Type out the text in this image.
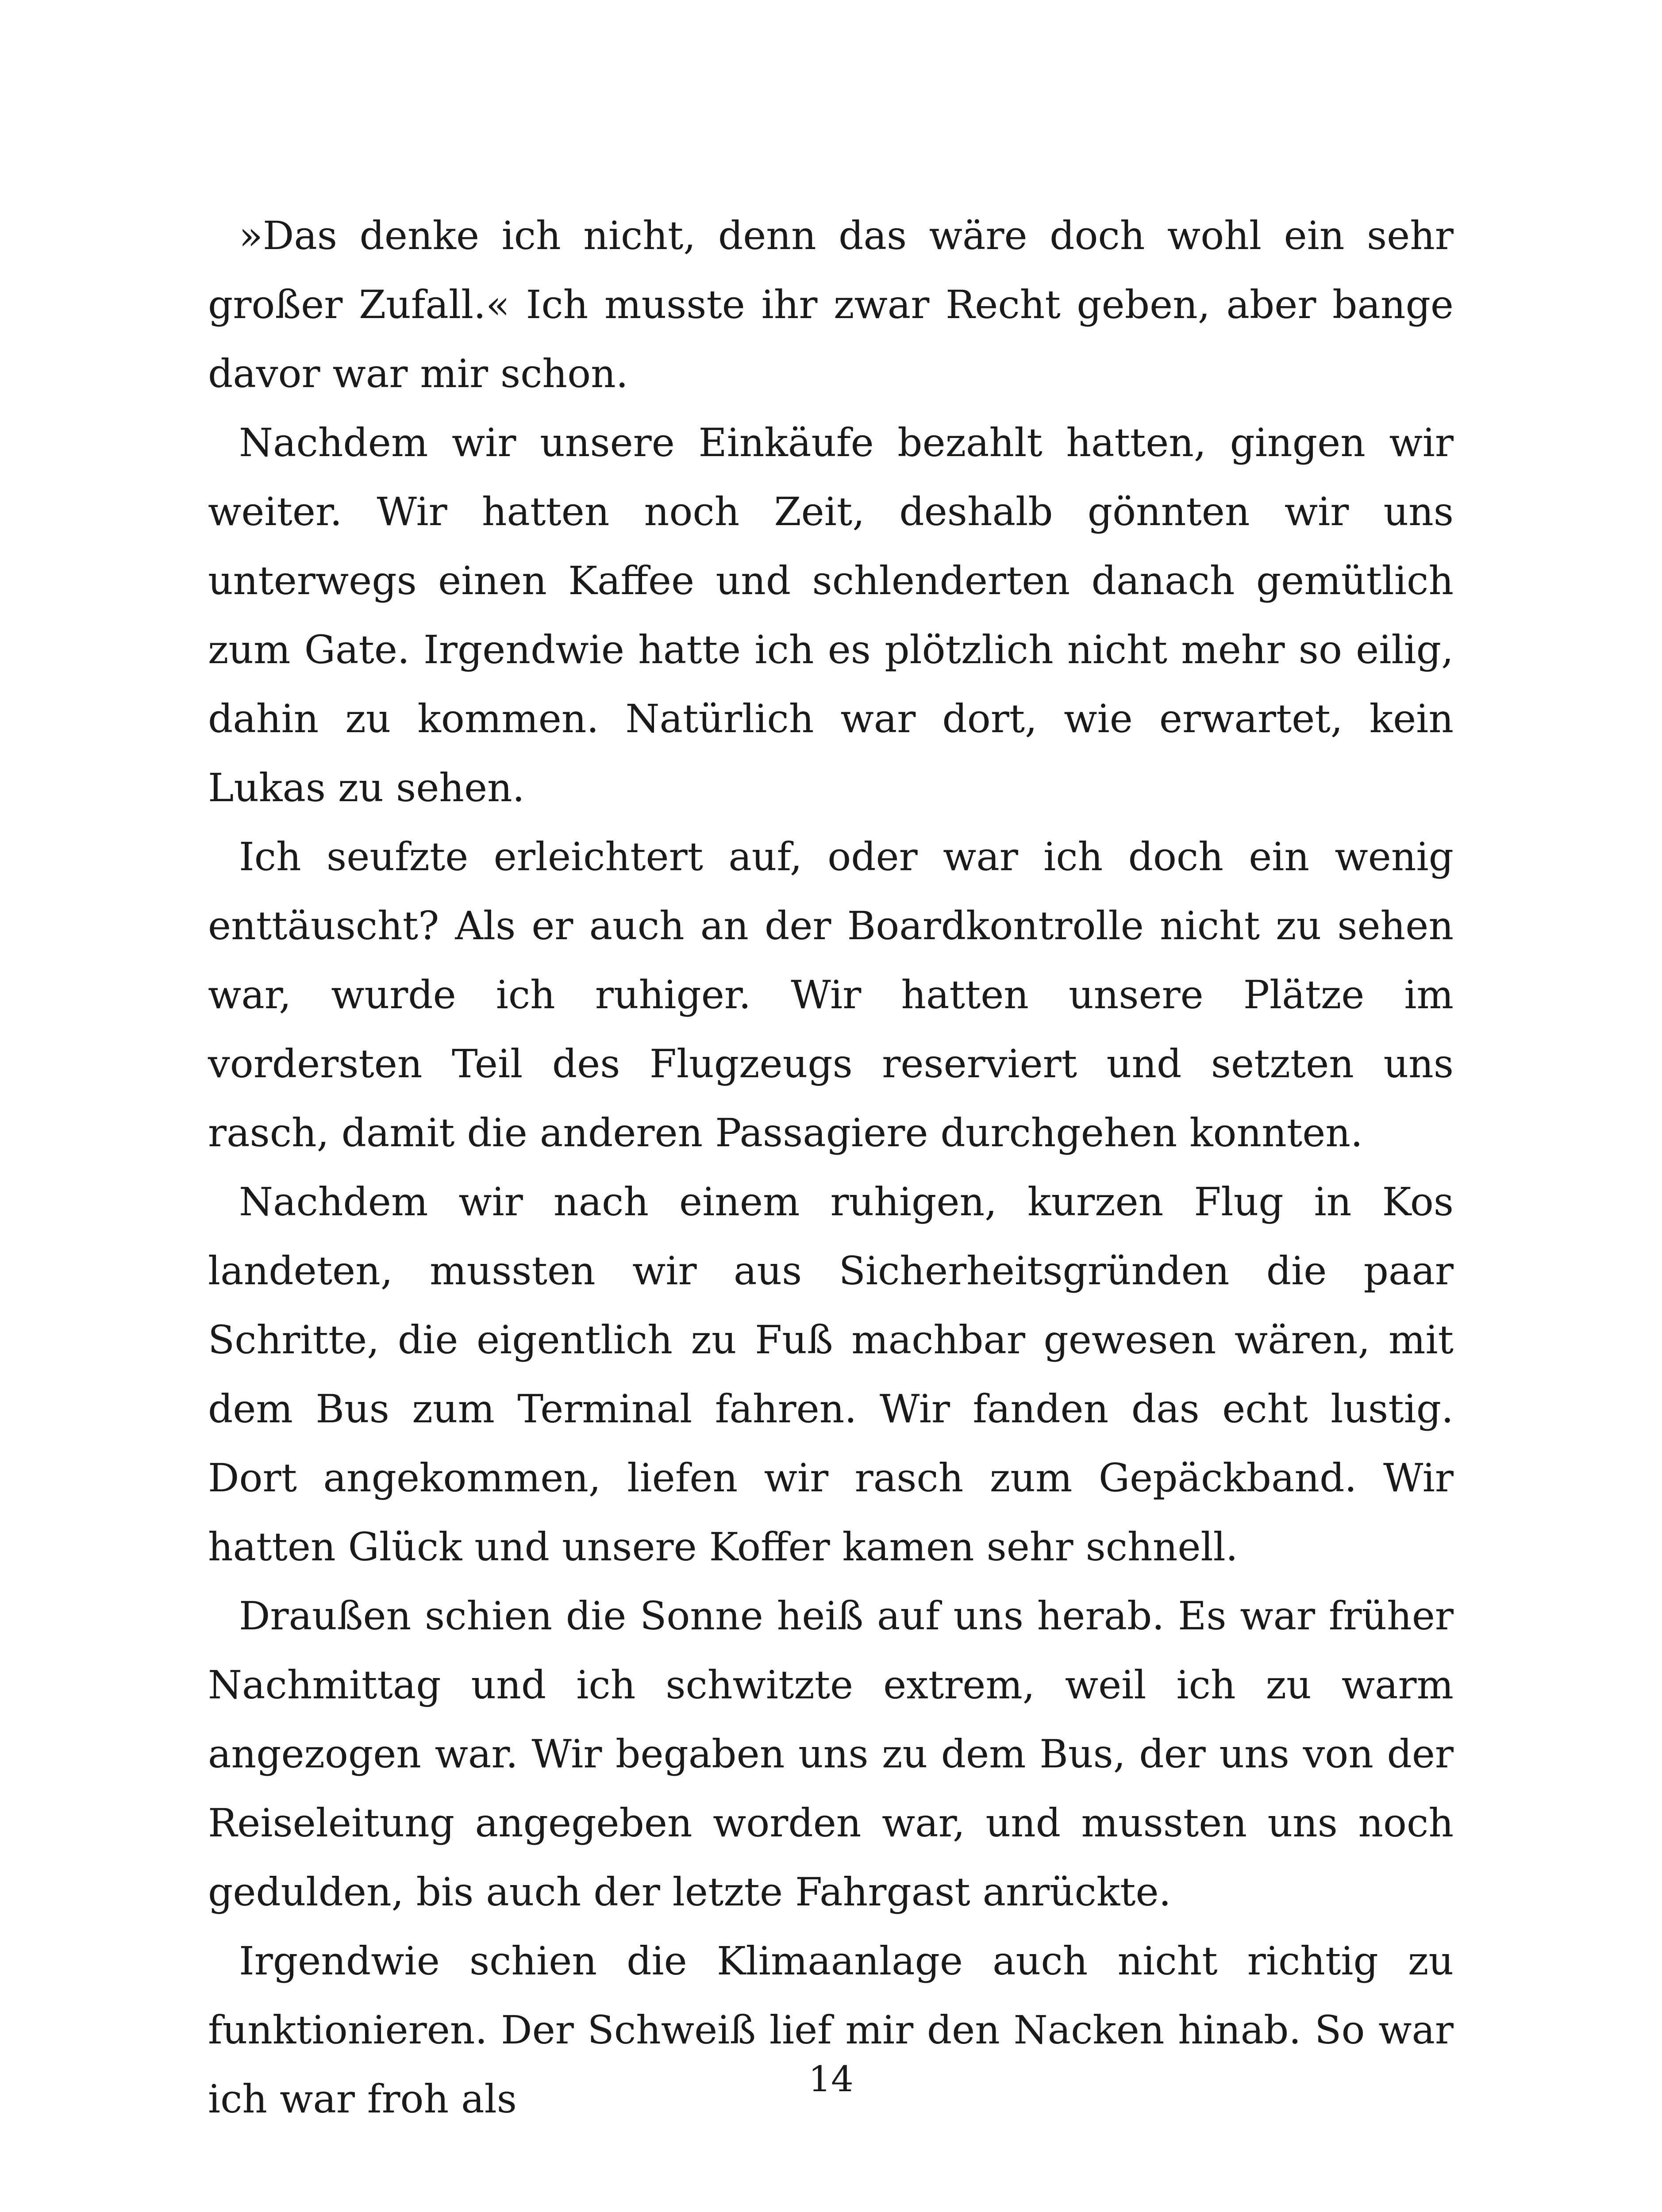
»Das denke ich nicht, denn das wäre doch wohl ein sehr großer Zufall.« Ich musste ihr zwar Recht geben, aber bange davor war mir schon.

Nachdem wir unsere Einkäufe bezahlt hatten, gingen wir weiter. Wir hatten noch Zeit, deshalb gönnten wir uns unterwegs einen Kaffee und schlenderten danach gemütlich zum Gate. Irgendwie hatte ich es plötzlich nicht mehr so eilig, dahin zu kommen. Natürlich war dort, wie erwartet, kein Lukas zu sehen.

Ich seufzte erleichtert auf, oder war ich doch ein wenig enttäuscht? Als er auch an der Boardkontrolle nicht zu sehen war, wurde ich ruhiger. Wir hatten unsere Plätze im vordersten Teil des Flugzeugs reserviert und setzten uns rasch, damit die anderen Passagiere durchgehen konnten.

Nachdem wir nach einem ruhigen, kurzen Flug in Kos landeten, mussten wir aus Sicherheitsgründen die paar Schritte, die eigentlich zu Fuß machbar gewesen wären, mit dem Bus zum Terminal fahren. Wir fanden das echt lustig. Dort angekommen, liefen wir rasch zum Gepäckband. Wir hatten Glück und unsere Koffer kamen sehr schnell.

Draußen schien die Sonne heiß auf uns herab. Es war früher Nachmittag und ich schwitzte extrem, weil ich zu warm angezogen war. Wir begaben uns zu dem Bus, der uns von der Reiseleitung angegeben worden war, und mussten uns noch gedulden, bis auch der letzte Fahrgast anrückte.

Irgendwie schien die Klimaanlage auch nicht richtig zu funktionieren. Der Schweiß lief mir den Nacken hinab. So war ich war froh als	14
